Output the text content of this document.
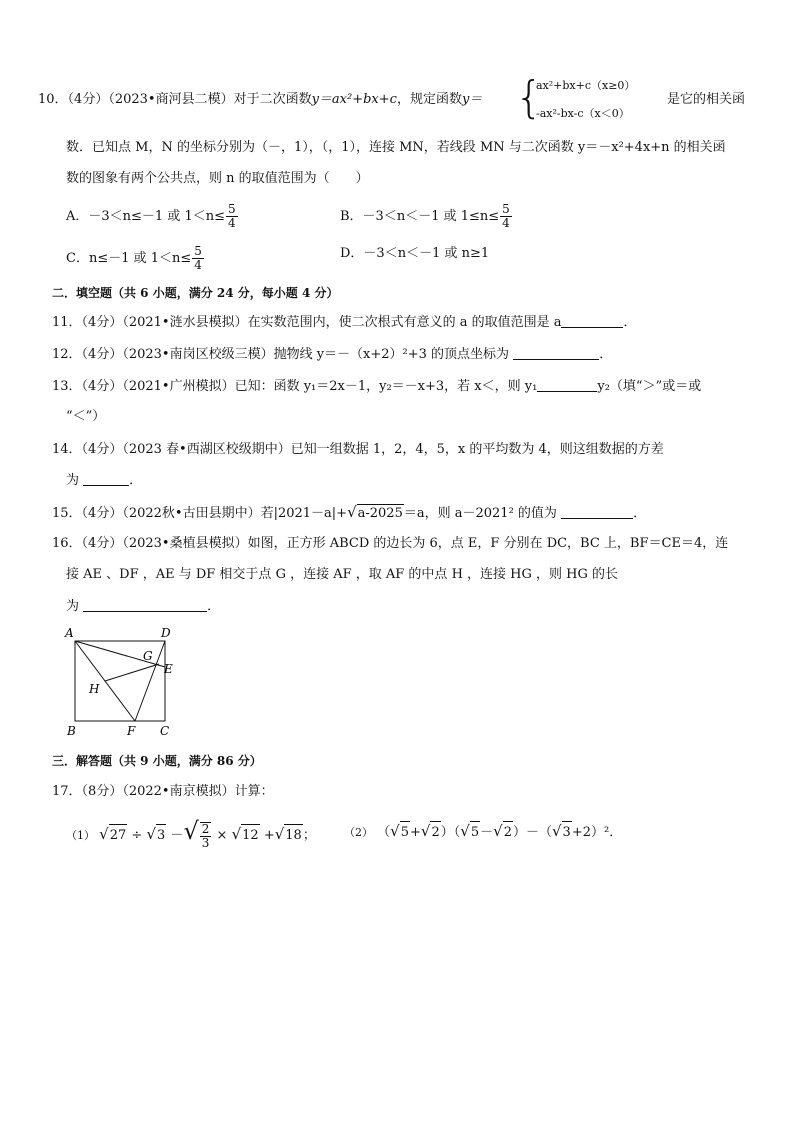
10．（4分）（2023•商河县二模）对于二次函数y＝ax²+bx+c，规定函数y＝ {
ax²+bx+c（x≥0）
-ax²-bx-c（x＜0）
是它的相关函
数．已知点 M，N 的坐标分别为（－，1），（，1），连接 MN，若线段 MN 与二次函数 y＝－x²+4x+n 的相关函
数的图象有两个公共点，则 n 的取值范围为（　　）
A．－3＜n≤－1 或 $1<n\le \frac{5}{4}$	B．－3＜n＜－1 或 $1\le n\le \frac{5}{4}$
C．n≤－1 或 $1<n\le \frac{5}{4}$	D．－3＜n＜－1 或 n≥1
二．填空题（共 6 小题，满分 24 分，每小题 4 分）
11．（4分）（2021•涟水县模拟）在实数范围内，使二次根式有意义的 a 的取值范围是 a	．
12．（4分）（2023•南岗区校级三模）抛物线 y＝－（x+2）²+3 的顶点坐标为	．
13．（4分）（2021•广州模拟）已知：函数 y₁＝2x－1，y₂＝－x+3，若 x＜，则 y₁	y₂（填“＞”或＝或
“＜”）
14．（4分）（2023 春•西湖区校级期中）已知一组数据 1，2，4，5，x 的平均数为 4，则这组数据的方差
为	．
15．（4分）（2022秋•古田县期中）若|2021－a|+√a-2025＝a，则 a－2021² 的值为	．
16．（4分）（2023•桑植县模拟）如图，正方形 ABCD 的边长为 6，点 E，F 分别在 DC，BC 上，BF＝CE＝4，连
接 AE 、DF ，AE 与 DF 相交于点 G ，连接 AF ，取 AF 的中点 H ，连接 HG ，则 HG 的长
为	．
A	D
G
E
H
B	F C
三．解答题（共 9 小题，满分 86 分）
17．（8分）（2022•南京模拟）计算：
（1） √27 ÷ √3 －√ $\frac{2}{3} \times √12 +√18$；	（2） （√5+√2）（√5－√2）－（√3+2）²．
